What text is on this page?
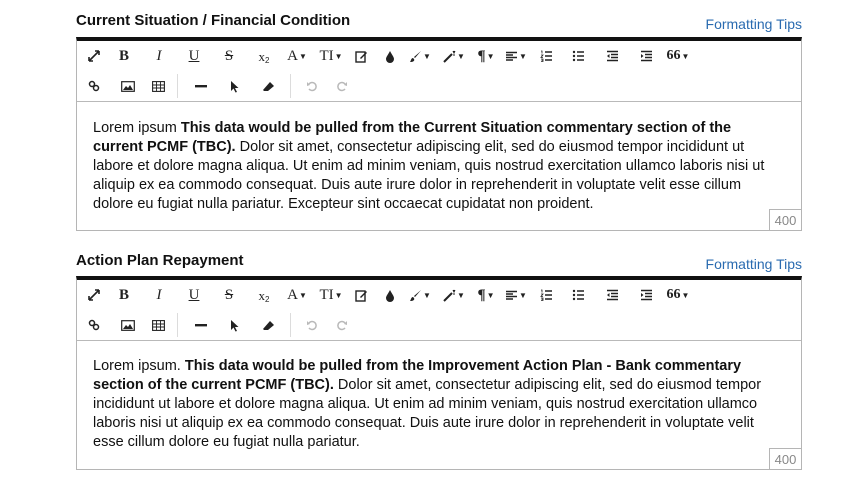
Current Situation / Financial Condition	Formatting Tips
B	I	U	S	x 2 A ▼ TI ▼	▼	▼ ¶ ▼	▼	66 ▼
Lorem ipsum This data would be pulled from the Current Situation commentary section of the current PCMF (TBC). Dolor sit amet, consectetur adipiscing elit, sed do eiusmod tempor incididunt ut labore et dolore magna aliqua. Ut enim ad minim veniam, quis nostrud exercitation ullamco laboris nisi ut aliquip ex ea commodo consequat. Duis aute irure dolor in reprehenderit in voluptate velit esse cillum dolore eu fugiat nulla pariatur. Excepteur sint occaecat cupidatat non proident.
400
Action Plan Repayment	Formatting Tips
B	I	U	S	x 2 A ▼ TI ▼	▼	▼ ¶ ▼	▼	66 ▼
Lorem ipsum. This data would be pulled from the Improvement Action Plan - Bank commentary section of the current PCMF (TBC). Dolor sit amet, consectetur adipiscing elit, sed do eiusmod tempor incididunt ut labore et dolore magna aliqua. Ut enim ad minim veniam, quis nostrud exercitation ullamco laboris nisi ut aliquip ex ea commodo consequat. Duis aute irure dolor in reprehenderit in voluptate velit esse cillum dolore eu fugiat nulla pariatur.
400
